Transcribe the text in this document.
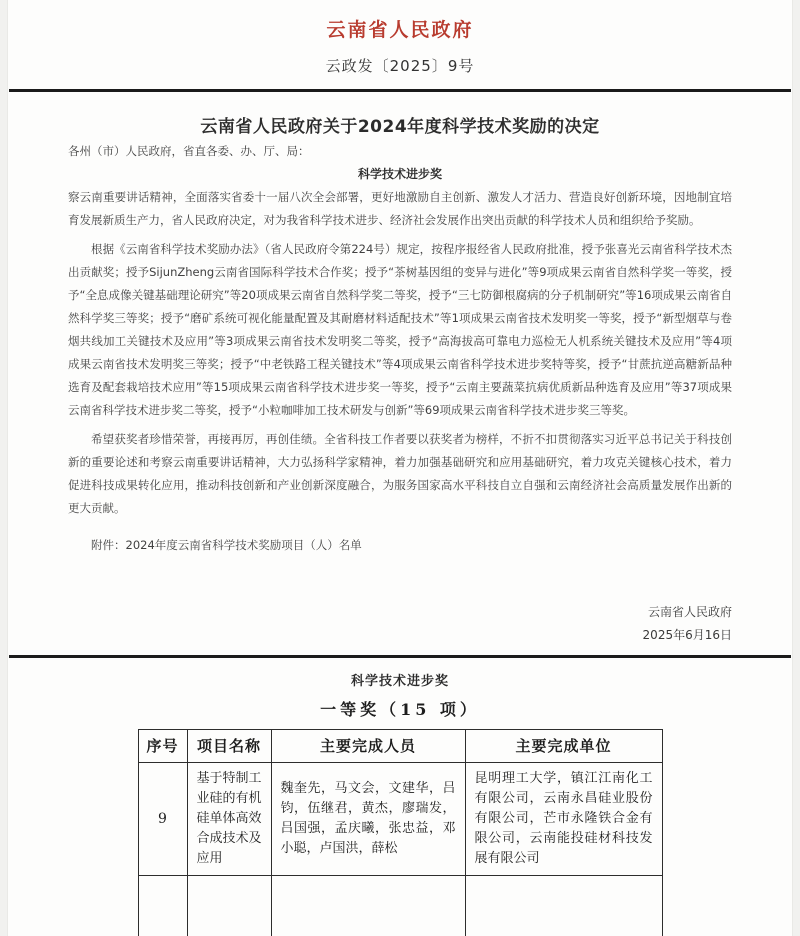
云南省人民政府
云政发〔2025〕9号
云南省人民政府关于2024年度科学技术奖励的决定

各州（市）人民政府，省直各委、办、厅、局：

科学技术进步奖

察云南重要讲话精神，全面落实省委十一届八次全会部署，更好地激励自主创新、激发人才活力、营造良好创新环境，因地制宜培育发展新质生产力，省人民政府决定，对为我省科学技术进步、经济社会发展作出突出贡献的科学技术人员和组织给予奖励。

根据《云南省科学技术奖励办法》（省人民政府令第224号）规定，按程序报经省人民政府批准，授予张喜光云南省科学技术杰出贡献奖；授予SijunZheng云南省国际科学技术合作奖；授予“茶树基因组的变异与进化”等9项成果云南省自然科学奖一等奖，授予“全息成像关键基础理论研究”等20项成果云南省自然科学奖二等奖，授予“三七防御根腐病的分子机制研究”等16项成果云南省自然科学奖三等奖；授予“磨矿系统可视化能量配置及其耐磨材料适配技术”等1项成果云南省技术发明奖一等奖，授予“新型烟草与卷烟共线加工关键技术及应用”等3项成果云南省技术发明奖二等奖，授予“高海拔高可靠电力巡检无人机系统关键技术及应用”等4项成果云南省技术发明奖三等奖；授予“中老铁路工程关键技术”等4项成果云南省科学技术进步奖特等奖，授予“甘蔗抗逆高糖新品种选育及配套栽培技术应用”等15项成果云南省科学技术进步奖一等奖，授予“云南主要蔬菜抗病优质新品种选育及应用”等37项成果云南省科学技术进步奖二等奖，授予“小粒咖啡加工技术研发与创新”等69项成果云南省科学技术进步奖三等奖。

希望获奖者珍惜荣誉，再接再厉，再创佳绩。全省科技工作者要以获奖者为榜样，不折不扣贯彻落实习近平总书记关于科技创新的重要论述和考察云南重要讲话精神，大力弘扬科学家精神，着力加强基础研究和应用基础研究，着力攻克关键核心技术，着力促进科技成果转化应用，推动科技创新和产业创新深度融合，为服务国家高水平科技自立自强和云南经济社会高质量发展作出新的更大贡献。

附件：2024年度云南省科学技术奖励项目（人）名单

云南省人民政府
2025年6月16日
科学技术进步奖
一等奖（15 项）
序号	项目名称	主要完成人员	主要完成单位
9	基于特制工业硅的有机硅单体高效合成技术及应用	魏奎先，马文会，文建华，吕钧，伍继君，黄杰，廖瑞发，吕国强，孟庆曦，张忠益，邓小聪，卢国洪，薛松	昆明理工大学，镇江江南化工有限公司，云南永昌硅业股份有限公司，芒市永隆铁合金有限公司，云南能投硅材科技发展有限公司
